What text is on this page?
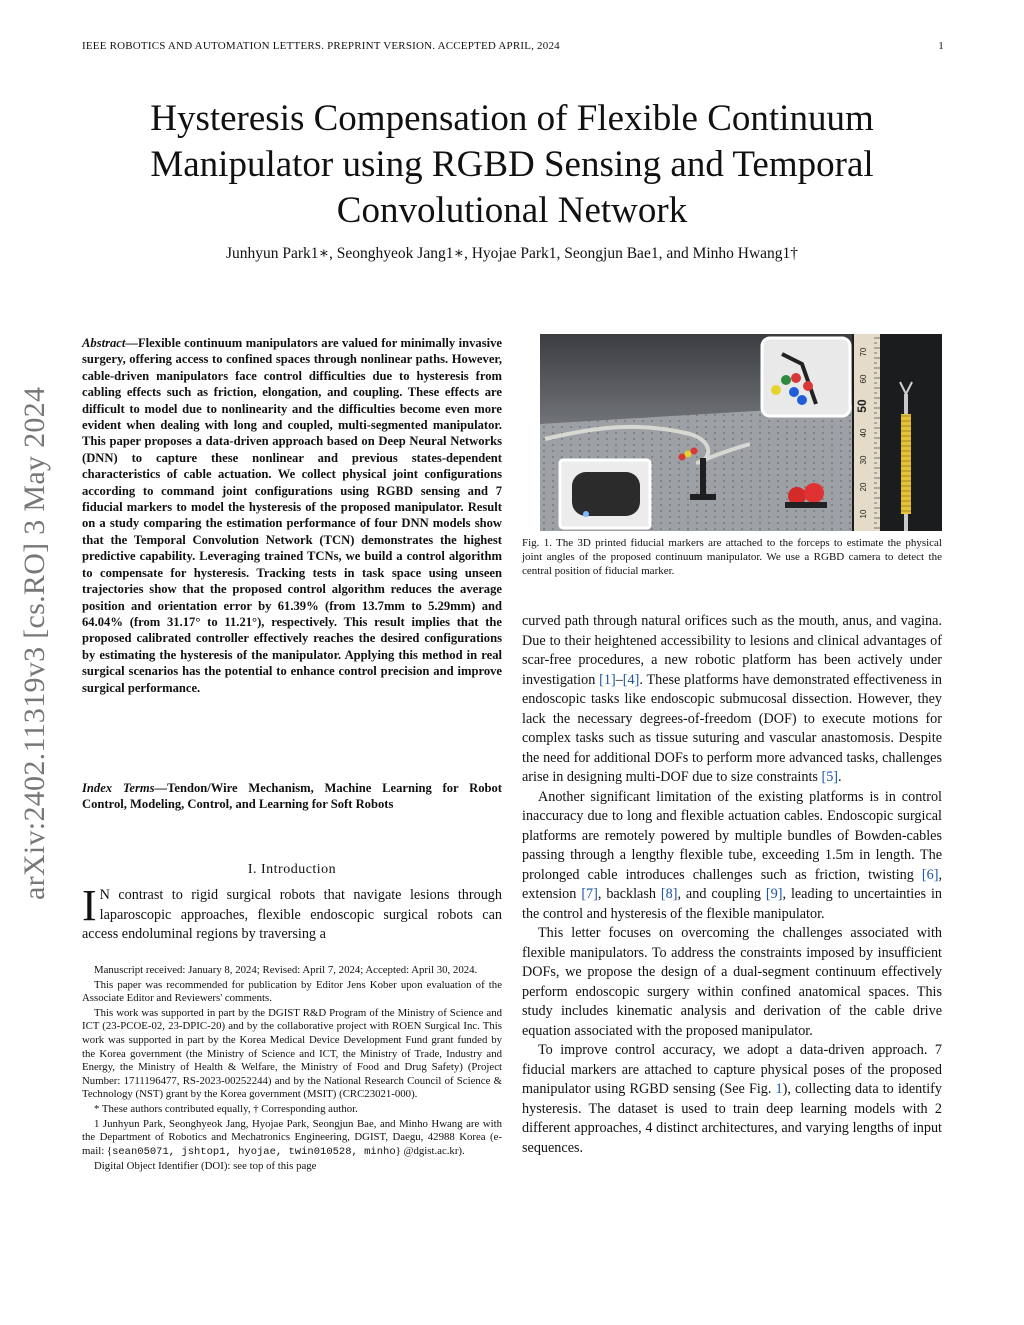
IEEE ROBOTICS AND AUTOMATION LETTERS. PREPRINT VERSION. ACCEPTED APRIL, 2024	1
Hysteresis Compensation of Flexible Continuum Manipulator using RGBD Sensing and Temporal Convolutional Network
Junhyun Park1∗, Seonghyeok Jang1∗, Hyojae Park1, Seongjun Bae1, and Minho Hwang1†
arXiv:2402.11319v3 [cs.RO] 3 May 2024
Abstract—Flexible continuum manipulators are valued for minimally invasive surgery, offering access to confined spaces through nonlinear paths. However, cable-driven manipulators face control difficulties due to hysteresis from cabling effects such as friction, elongation, and coupling. These effects are difficult to model due to nonlinearity and the difficulties become even more evident when dealing with long and coupled, multi-segmented manipulator. This paper proposes a data-driven approach based on Deep Neural Networks (DNN) to capture these nonlinear and previous states-dependent characteristics of cable actuation. We collect physical joint configurations according to command joint configurations using RGBD sensing and 7 fiducial markers to model the hysteresis of the proposed manipulator. Result on a study comparing the estimation performance of four DNN models show that the Temporal Convolution Network (TCN) demonstrates the highest predictive capability. Leveraging trained TCNs, we build a control algorithm to compensate for hysteresis. Tracking tests in task space using unseen trajectories show that the proposed control algorithm reduces the average position and orientation error by 61.39% (from 13.7mm to 5.29mm) and 64.04% (from 31.17° to 11.21°), respectively. This result implies that the proposed calibrated controller effectively reaches the desired configurations by estimating the hysteresis of the manipulator. Applying this method in real surgical scenarios has the potential to enhance control precision and improve surgical performance.
Index Terms—Tendon/Wire Mechanism, Machine Learning for Robot Control, Modeling, Control, and Learning for Soft Robots
I. Introduction
I N contrast to rigid surgical robots that navigate lesions through laparoscopic approaches, flexible endoscopic surgical robots can access endoluminal regions by traversing a

Manuscript received: January 8, 2024; Revised: April 7, 2024; Accepted: April 30, 2024.

This paper was recommended for publication by Editor Jens Kober upon evaluation of the Associate Editor and Reviewers' comments.

This work was supported in part by the DGIST R&D Program of the Ministry of Science and ICT (23-PCOE-02, 23-DPIC-20) and by the collaborative project with ROEN Surgical Inc. This work was supported in part by the Korea Medical Device Development Fund grant funded by the Korea government (the Ministry of Science and ICT, the Ministry of Trade, Industry and Energy, the Ministry of Health & Welfare, the Ministry of Food and Drug Safety) (Project Number: 1711196477, RS-2023-00252244) and by the National Research Council of Science & Technology (NST) grant by the Korea government (MSIT) (CRC23021-000).

* These authors contributed equally, † Corresponding author.

1 Junhyun Park, Seonghyeok Jang, Hyojae Park, Seongjun Bae, and Minho Hwang are with the Department of Robotics and Mechatronics Engineering, DGIST, Daegu, 42988 Korea (e-mail: {sean05071, jshtop1, hyojae, twin010528, minho} @dgist.ac.kr).

Digital Object Identifier (DOI): see top of this page

70
60
50
40
30
20
10
Fig. 1. The 3D printed fiducial markers are attached to the forceps to estimate the physical joint angles of the proposed continuum manipulator. We use a RGBD camera to detect the central position of fiducial marker.

curved path through natural orifices such as the mouth, anus, and vagina. Due to their heightened accessibility to lesions and clinical advantages of scar-free procedures, a new robotic platform has been actively under investigation [1]–[4]. These platforms have demonstrated effectiveness in endoscopic tasks like endoscopic submucosal dissection. However, they lack the necessary degrees-of-freedom (DOF) to execute motions for complex tasks such as tissue suturing and vascular anastomosis. Despite the need for additional DOFs to perform more advanced tasks, challenges arise in designing multi-DOF due to size constraints [5].

Another significant limitation of the existing platforms is in control inaccuracy due to long and flexible actuation cables. Endoscopic surgical platforms are remotely powered by multiple bundles of Bowden-cables passing through a lengthy flexible tube, exceeding 1.5m in length. The prolonged cable introduces challenges such as friction, twisting [6], extension [7], backlash [8], and coupling [9], leading to uncertainties in the control and hysteresis of the flexible manipulator.

This letter focuses on overcoming the challenges associated with flexible manipulators. To address the constraints imposed by insufficient DOFs, we propose the design of a dual-segment continuum effectively perform endoscopic surgery within confined anatomical spaces. This study includes kinematic analysis and derivation of the cable drive equation associated with the proposed manipulator.

To improve control accuracy, we adopt a data-driven approach. 7 fiducial markers are attached to capture physical poses of the proposed manipulator using RGBD sensing (See Fig. 1), collecting data to identify hysteresis. The dataset is used to train deep learning models with 2 different approaches, 4 distinct architectures, and varying lengths of input sequences.
